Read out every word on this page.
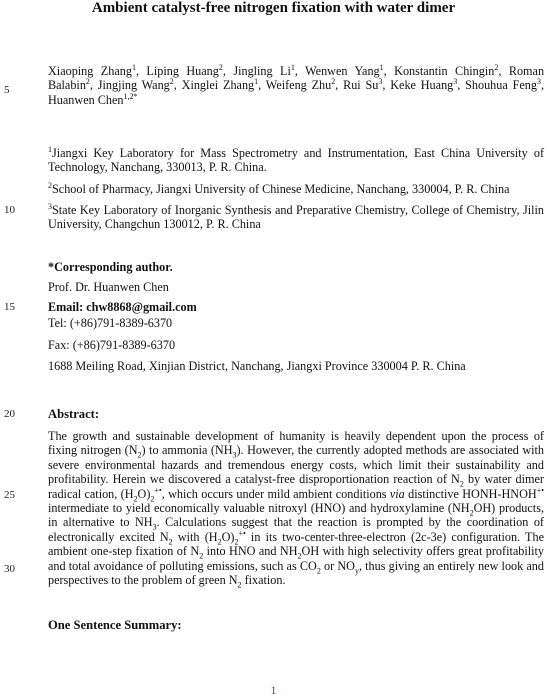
Ambient catalyst-free nitrogen fixation with water dimer
5
10
15
20
25
30
Xiaoping Zhang$^1$, Liping Huang$^2$, Jingling Li$^1$, Wenwen Yang$^1$, Konstantin Chingin$^2$, Roman Balabin$^2$, Jingjing Wang$^2$, Xinglei Zhang$^1$, Weifeng Zhu$^2$, Rui Su$^3$, Keke Huang$^3$, Shouhua Feng$^3$, Huanwen Chen$^{1,2*}$
$^1$Jiangxi Key Laboratory for Mass Spectrometry and Instrumentation, East China University of Technology, Nanchang, 330013, P. R. China.
$^2$School of Pharmacy, Jiangxi University of Chinese Medicine, Nanchang, 330004, P. R. China
$^3$State Key Laboratory of Inorganic Synthesis and Preparative Chemistry, College of Chemistry, Jilin University, Changchun 130012, P. R. China
*Corresponding author.
Prof. Dr. Huanwen Chen
Email: chw8868@gmail.com
Tel: (+86)791-8389-6370
Fax: (+86)791-8389-6370
1688 Meiling Road, Xinjian District, Nanchang, Jiangxi Province 330004 P. R. China
Abstract:
The growth and sustainable development of humanity is heavily dependent upon the process of fixing nitrogen $(N_2)$ to ammonia $(NH_3)$. However, the currently adopted methods are associated with severe environmental hazards and tremendous energy costs, which limit their sustainability and profitability. Herein we discovered a catalyst-free disproportionation reaction of $N_2$ by water dimer radical cation, $(H_2O)_2^{+•}$, which occurs under mild ambient conditions via distinctive HONH-HNOH+• intermediate to yield economically valuable nitroxyl (HNO) and hydroxylamine $(NH_2OH)$ products, in alternative to $NH_3$. Calculations suggest that the reaction is prompted by the coordination of electronically excited $N_2$ with $(H_2O)_2^{+•}$ in its two-center-three-electron (2c-3e) configuration. The ambient one-step fixation of $N_2$ into HNO and $NH_2OH$ with high selectivity offers great profitability and total avoidance of polluting emissions, such as $CO_2$ or $NO_y$, thus giving an entirely new look and perspectives to the problem of green $N_2$ fixation.
One Sentence Summary:
1
